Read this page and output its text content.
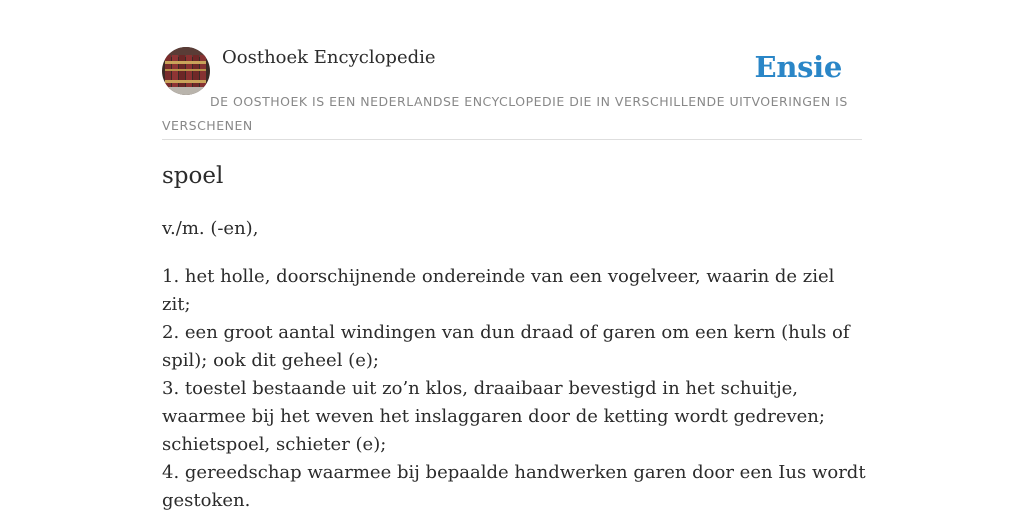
Oosthoek Encyclopedie	Ensie
DE OOSTHOEK IS EEN NEDERLANDSE ENCYCLOPEDIE DIE IN VERSCHILLENDE UITVOERINGEN IS VERSCHENEN
spoel
v./m. (-en),
1. het holle, doorschijnende ondereinde van een vogelveer, waarin de ziel zit;
2. een groot aantal windingen van dun draad of garen om een kern (huls of spil); ook dit geheel (e);
3. toestel bestaande uit zo’n klos, draaibaar bevestigd in het schuitje, waarmee bij het weven het inslaggaren door de ketting wordt gedreven; schietspoel, schieter (e);
4. gereedschap waarmee bij bepaalde handwerken garen door een Ius wordt gestoken.
